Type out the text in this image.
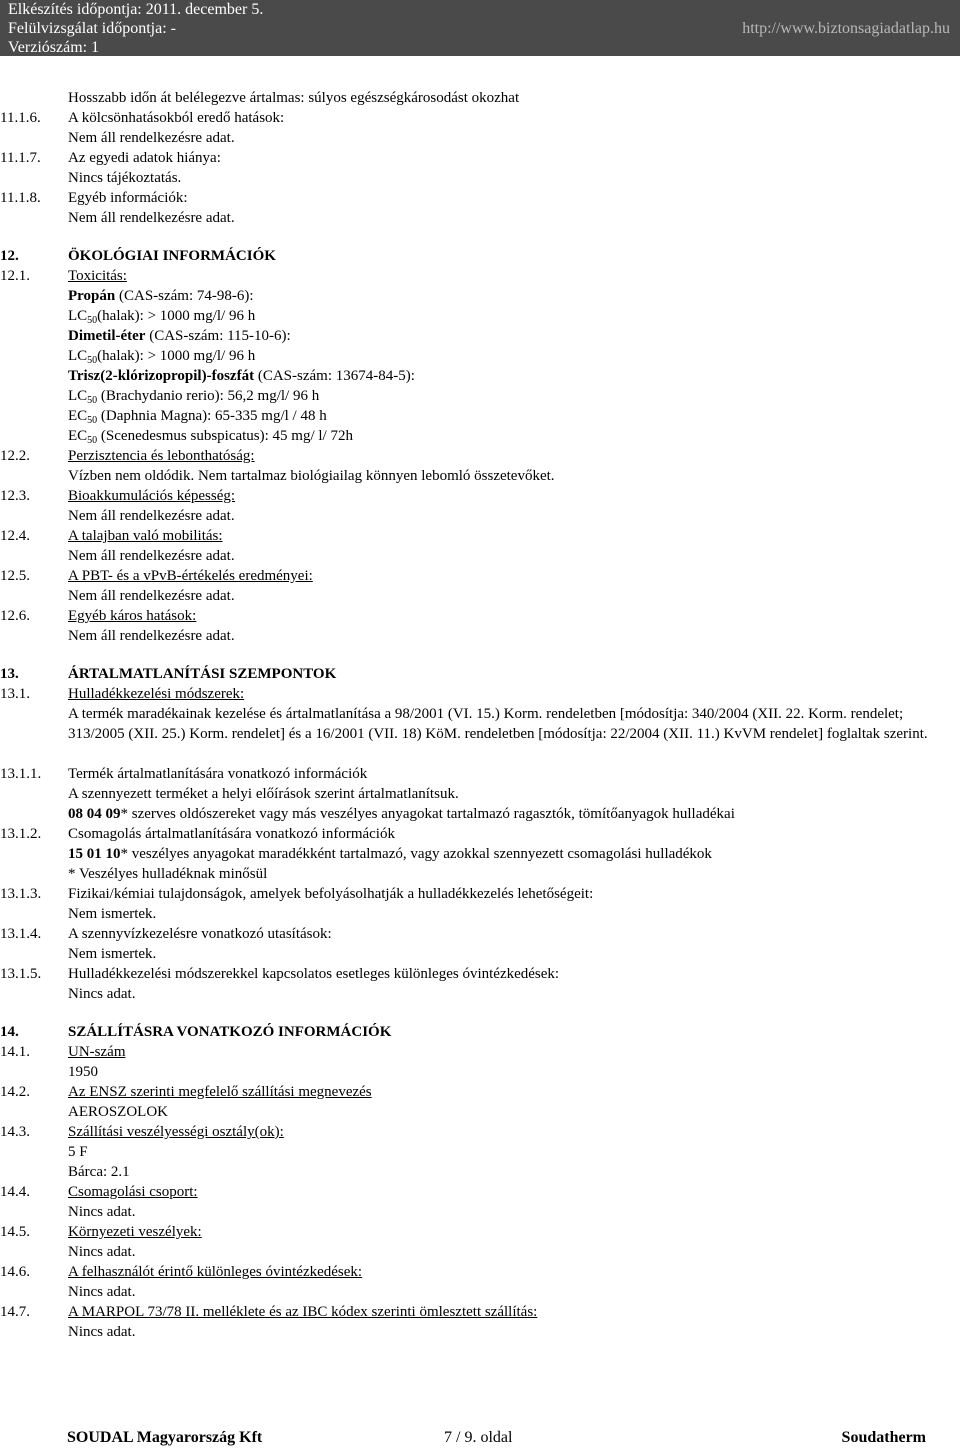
Elkészítés időpontja: 2011. december 5.
Felülvizsgálat időpontja: -
Verziószám: 1
http://www.biztonsagiadatlap.hu
Hosszabb időn át belélegezve ártalmas: súlyos egészségkárosodást okozhat
11.1.6. A kölcsönhatásokból eredő hatások:
Nem áll rendelkezésre adat.
11.1.7. Az egyedi adatok hiánya:
Nincs tájékoztatás.
11.1.8. Egyéb információk:
Nem áll rendelkezésre adat.
12.	ÖKOLÓGIAI INFORMÁCIÓK
12.1.	Toxicitás:
Propán (CAS-szám: 74-98-6):
$LC_{50}(halak)$: > 1000 mg/l/ 96 h
Dimetil-éter (CAS-szám: 115-10-6):
$LC_{50}(halak)$: > 1000 mg/l/ 96 h
Trisz(2-klórizopropil)-foszfát (CAS-szám: 13674-84-5):
$LC_{50}$ (Brachydanio rerio): 56,2 mg/l/ 96 h
$EC_{50}$ (Daphnia Magna): 65-335 mg/l / 48 h
$EC_{50}$ (Scenedesmus subspicatus): 45 mg/ l/ 72h
12.2.	Perzisztencia és lebonthatóság:
Vízben nem oldódik. Nem tartalmaz biológiailag könnyen lebomló összetevőket.
12.3.	Bioakkumulációs képesség:
Nem áll rendelkezésre adat.
12.4.	A talajban való mobilitás:
Nem áll rendelkezésre adat.
12.5.	A PBT- és a vPvB-értékelés eredményei:
Nem áll rendelkezésre adat.
12.6.	Egyéb káros hatások:
Nem áll rendelkezésre adat.
13.	ÁRTALMATLANÍTÁSI SZEMPONTOK
13.1.	Hulladékkezelési módszerek:
A termék maradékainak kezelése és ártalmatlanítása a 98/2001 (VI. 15.) Korm. rendeletben [módosítja: 340/2004 (XII. 22. Korm. rendelet; 313/2005 (XII. 25.) Korm. rendelet] és a 16/2001 (VII. 18) KöM. rendeletben [módosítja: 22/2004 (XII. 11.) KvVM rendelet] foglaltak szerint.
13.1.1. Termék ártalmatlanítására vonatkozó információk
A szennyezett terméket a helyi előírások szerint ártalmatlanítsuk.
08 04 09* szerves oldószereket vagy más veszélyes anyagokat tartalmazó ragasztók, tömítőanyagok hulladékai
13.1.2. Csomagolás ártalmatlanítására vonatkozó információk
15 01 10* veszélyes anyagokat maradékként tartalmazó, vagy azokkal szennyezett csomagolási hulladékok
* Veszélyes hulladéknak minősül
13.1.3. Fizikai/kémiai tulajdonságok, amelyek befolyásolhatják a hulladékkezelés lehetőségeit:
Nem ismertek.
13.1.4. A szennyvízkezelésre vonatkozó utasítások:
Nem ismertek.
13.1.5. Hulladékkezelési módszerekkel kapcsolatos esetleges különleges óvintézkedések:
Nincs adat.
14.	SZÁLLÍTÁSRA VONATKOZÓ INFORMÁCIÓK
14.1.	UN-szám
1950
14.2.	Az ENSZ szerinti megfelelő szállítási megnevezés
AEROSZOLOK
14.3.	Szállítási veszélyességi osztály(ok):
5 F
Bárca: 2.1
14.4.	Csomagolási csoport:
Nincs adat.
14.5.	Környezeti veszélyek:
Nincs adat.
14.6.	A felhasználót érintő különleges óvintézkedések:
Nincs adat.
14.7.	A MARPOL 73/78 II. melléklete és az IBC kódex szerinti ömlesztett szállítás:
Nincs adat.
SOUDAL Magyarország Kft	7 / 9. oldal	Soudatherm
